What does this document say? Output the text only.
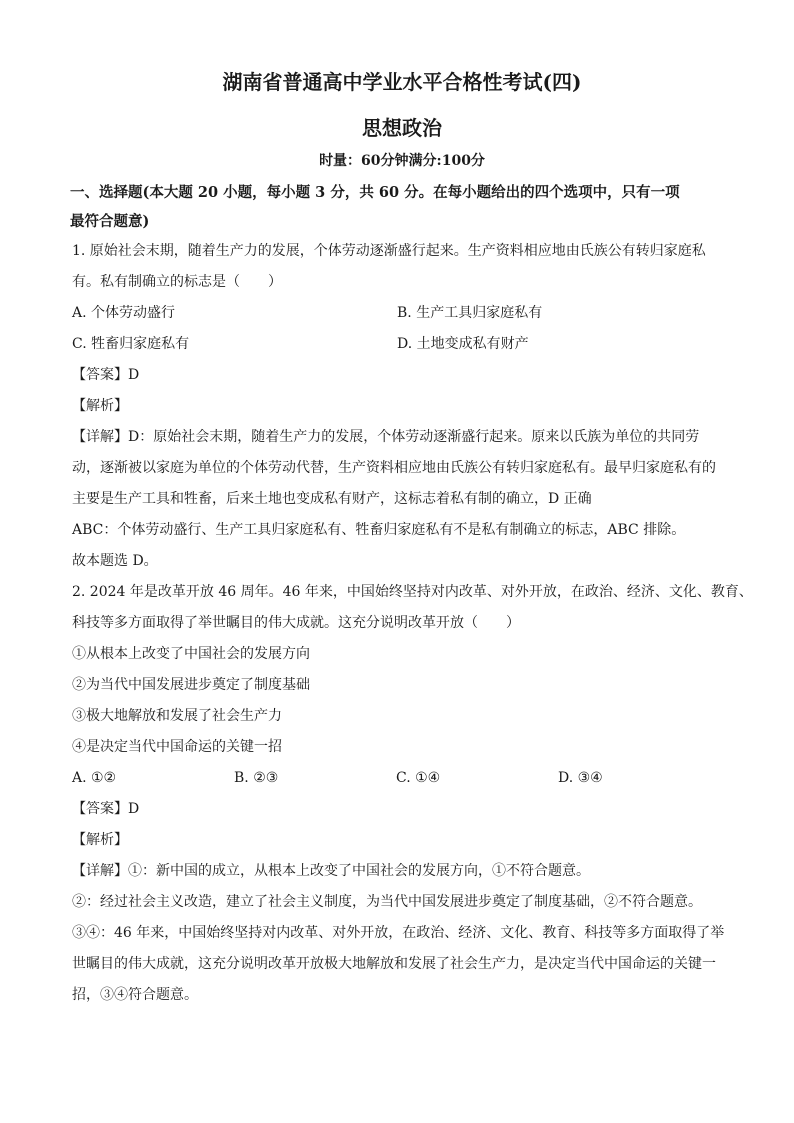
湖南省普通高中学业水平合格性考试(四)
思想政治
时量：60分钟满分:100分
一、选择题(本大题 20 小题，每小题 3 分，共 60 分。在每小题给出的四个选项中，只有一项
最符合题意)
1. 原始社会末期，随着生产力的发展，个体劳动逐渐盛行起来。生产资料相应地由氏族公有转归家庭私
有。私有制确立的标志是（　　）
A. 个体劳动盛行	B. 生产工具归家庭私有
C. 牲畜归家庭私有	D. 土地变成私有财产
【答案】D
【解析】
【详解】D：原始社会末期，随着生产力的发展，个体劳动逐渐盛行起来。原来以氏族为单位的共同劳
动，逐渐被以家庭为单位的个体劳动代替，生产资料相应地由氏族公有转归家庭私有。最早归家庭私有的
主要是生产工具和牲畜，后来土地也变成私有财产，这标志着私有制的确立，D 正确
ABC：个体劳动盛行、生产工具归家庭私有、牲畜归家庭私有不是私有制确立的标志，ABC 排除。
故本题选 D。
2. 2024 年是改革开放 46 周年。46 年来，中国始终坚持对内改革、对外开放，在政治、经济、文化、教育、
科技等多方面取得了举世瞩目的伟大成就。这充分说明改革开放（　　）
①从根本上改变了中国社会的发展方向
②为当代中国发展进步奠定了制度基础
③极大地解放和发展了社会生产力
④是决定当代中国命运的关键一招
A. ①②	B. ②③	C. ①④	D. ③④
【答案】D
【解析】
【详解】①：新中国的成立，从根本上改变了中国社会的发展方向，①不符合题意。
②：经过社会主义改造，建立了社会主义制度，为当代中国发展进步奠定了制度基础，②不符合题意。
③④：46 年来，中国始终坚持对内改革、对外开放，在政治、经济、文化、教育、科技等多方面取得了举
世瞩目的伟大成就，这充分说明改革开放极大地解放和发展了社会生产力，是决定当代中国命运的关键一
招，③④符合题意。
